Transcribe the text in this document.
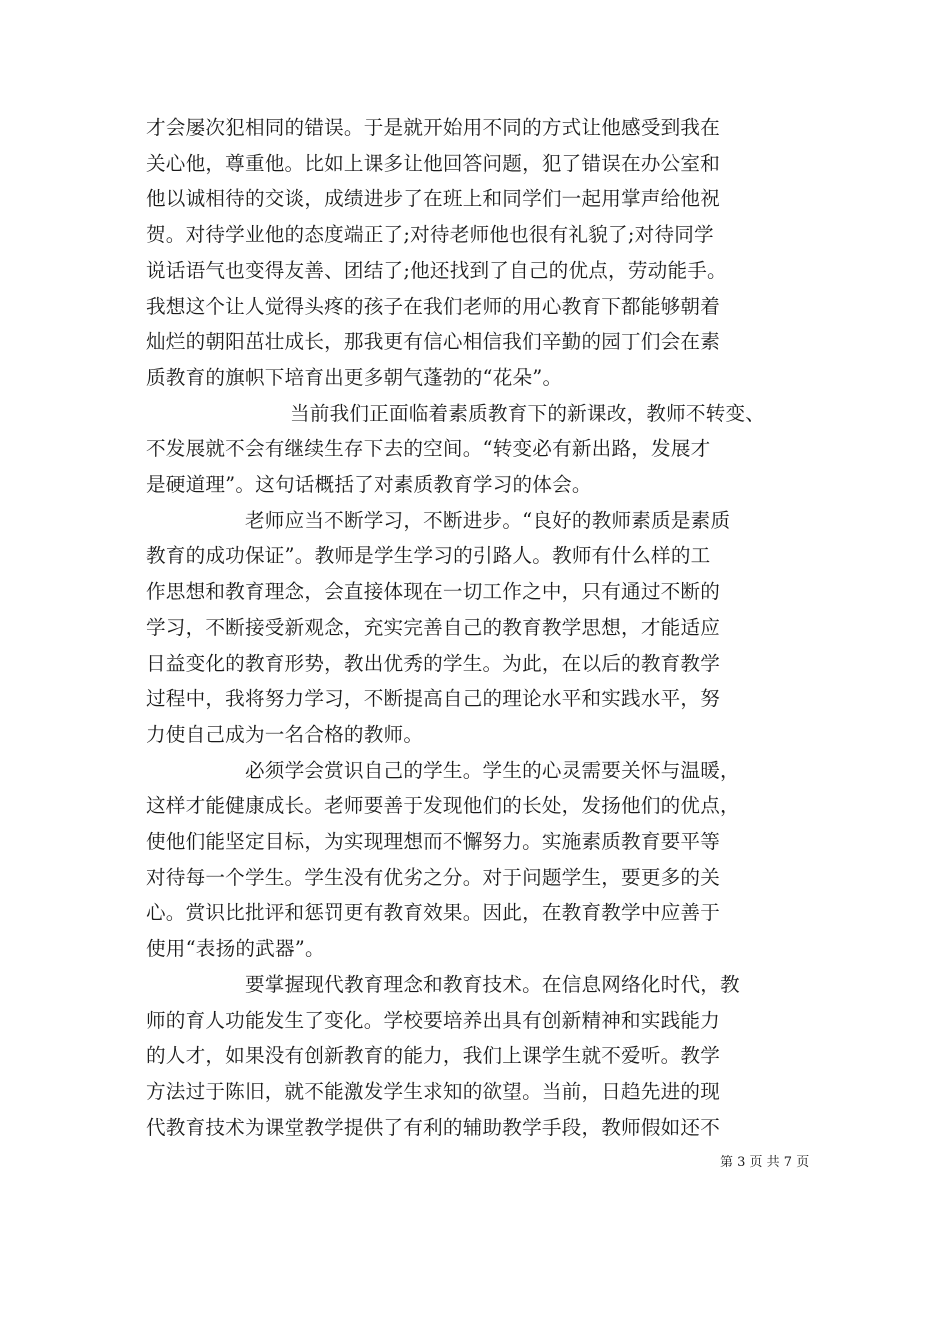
才会屡次犯相同的错误。于是就开始用不同的方式让他感受到我在
关心他，尊重他。比如上课多让他回答问题，犯了错误在办公室和
他以诚相待的交谈，成绩进步了在班上和同学们一起用掌声给他祝
贺。对待学业他的态度端正了;对待老师他也很有礼貌了;对待同学
说话语气也变得友善、团结了;他还找到了自己的优点，劳动能手。
我想这个让人觉得头疼的孩子在我们老师的用心教育下都能够朝着
灿烂的朝阳茁壮成长，那我更有信心相信我们辛勤的园丁们会在素
质教育的旗帜下培育出更多朝气蓬勃的“花朵”。
当前我们正面临着素质教育下的新课改，教师不转变、
不发展就不会有继续生存下去的空间。“转变必有新出路，发展才
是硬道理”。这句话概括了对素质教育学习的体会。
老师应当不断学习，不断进步。“良好的教师素质是素质
教育的成功保证”。教师是学生学习的引路人。教师有什么样的工
作思想和教育理念，会直接体现在一切工作之中，只有通过不断的
学习，不断接受新观念，充实完善自己的教育教学思想，才能适应
日益变化的教育形势，教出优秀的学生。为此，在以后的教育教学
过程中，我将努力学习，不断提高自己的理论水平和实践水平，努
力使自己成为一名合格的教师。
必须学会赏识自己的学生。学生的心灵需要关怀与温暖，
这样才能健康成长。老师要善于发现他们的长处，发扬他们的优点，
使他们能坚定目标，为实现理想而不懈努力。实施素质教育要平等
对待每一个学生。学生没有优劣之分。对于问题学生，要更多的关
心。赏识比批评和惩罚更有教育效果。因此，在教育教学中应善于
使用“表扬的武器”。
要掌握现代教育理念和教育技术。在信息网络化时代，教
师的育人功能发生了变化。学校要培养出具有创新精神和实践能力
的人才，如果没有创新教育的能力，我们上课学生就不爱听。教学
方法过于陈旧，就不能激发学生求知的欲望。当前，日趋先进的现
代教育技术为课堂教学提供了有利的辅助教学手段，教师假如还不
第 3 页 共 7 页
